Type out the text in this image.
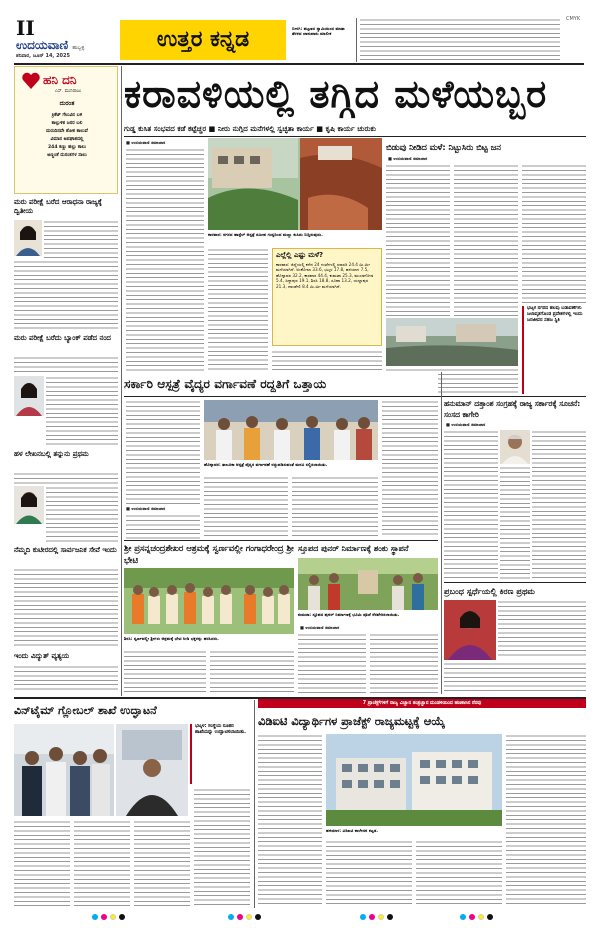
II
ಉದಯವಾಣಿ ಹುಬ್ಬಳ್ಳಿ
ಶನಿವಾರ, ಜೂನ್ 14, 2025
ಉತ್ತರ ಕನ್ನಡ	ಬೀಳಗಿ: ಪಟ್ಟಣದ ಸ್ವಾಮಿಯಿಂದ ಮಾತಾ ತೆರಳಿದ ಜಾನುವಾರು ಮಾಲೀಕ
CMYK
ಹನಿ ದನಿ
ಎಸ್. ಮುನಿರಾಜು
ದುರಂತ
ಕ್ರಿಕೆಟ್ ಗೆಲುವಿನ ಬಳಿ
ಕಾಲ್ತುಳಿತ ಜನರ ಬಲಿ
ಮರುದಿನವೇ ಶೋಕ ಕಾಲುವೆ
ವಿಮಾನ ಅಪಘಾತದಲ್ಲಿ
244 ಕಣ್ಣು ಹಲ್ಲು ಕಾಲು
ಅಣ್ಣಂತೆ ದುರಂತಗಳ ಸಾಲು
ಮರು ಪರೀಕ್ಷೆ ಬರೆದ ಆರಾಧನಾ ರಾಜ್ಯಕ್ಕೆ ದ್ವಿತೀಯ
ಮರು ಪರೀಕ್ಷೆ ಬರೆದು ಬ್ಯಾಂಕ್ ಪಡೆದ ನಂದ
ಹಳ ಲೇಖನಬಲ್ಲಿ ತನ್ನುನು ಪ್ರಥಮ
ನೆಮ್ಮದಿ ಕುಟೀರದಲ್ಲಿ ಸಾರ್ವಜನಿಕ ಸೇವೆ ಇಂದು
ಇಂದು ವಿದ್ಯುತ್ ವ್ಯತ್ಯಯ
ಕರಾವಳಿಯಲ್ಲಿ ತಗ್ಗಿದ ಮಳೆಯಬ್ಬರ
ಗುಡ್ಡ ಕುಸಿತ ಸಂಭವದ ಕಡೆ ಕಟ್ಟೆಚ್ಚರ ■ ನೀರು ನುಗ್ಗಿದ ಮನೆಗಳಲ್ಲಿ ಸ್ವಚ್ಛತಾ ಕಾರ್ಯ ■ ಕೃಷಿ ಕಾರ್ಯ ಚುರುಕು
■ ಉದಯವಾಣಿ ಸಮಾಚಾರ
ಕಾರವಾರ: ನಗರದ ಹಾಸ್ಟೆಲ್ ಆಸ್ಪತ್ರೆ ಸಮೀಪ ಗುಡ್ಡದಿಂದ ಮಣ್ಣು ಕುಸಿದು ಬಿದ್ದಿರುವುದು.
ಎಲ್ಲೆಲ್ಲಿ ಎಷ್ಟು ಮಳೆ?
ಕಾರವಾರ: ಜಿಲ್ಲೆಯಲ್ಲಿ ಕಳೆದ 24 ಗಂಟೆಗಳಲ್ಲಿ ಸರಾಸರಿ 24.4 ಮಿ.ಮೀ ಮಳೆಯಾಗಿದೆ. ಅಂಕೋಲಾ 33.6, ಭಟ್ಕಳ 17.8, ಹಳಿಯಾಳ 7.5, ಹೊನ್ನಾವರ 32.2, ಕಾರವಾರ 44.4, ಕುಮಟಾ 25.3, ಮುಂಡಗೋಡ 5.4, ಸಿದ್ದಾಪುರ 19.1, ಶಿರಸಿ 18.8, ಸೂಪಾ 13.2, ಯಲ್ಲಾಪುರ 21.3, ದಾಂಡೇಲಿ 8.4 ಮಿ.ಮೀ ಮಳೆಯಾಗಿದೆ.
ಬಿಡುವು ನೀಡಿದ ಮಳೆ: ನಿಟ್ಟುಸಿರು ಬಿಟ್ಟ ಜನ
■ ಉದಯವಾಣಿ ಸಮಾಚಾರ
ಭಟ್ಕಳ ನಗರದ ಹಲವು ಬಡಾವಣೆಗಳು ಜಲಾವೃತಗೊಂಡ ಪ್ರದೇಶಗಳಲ್ಲಿ ಇಂದು ಜನಜೀವನ ಸಹಜ ಸ್ಥಿತಿ
ಸರ್ಕಾರಿ ಆಸ್ಪತ್ರೆ ವೈದ್ಯರ ವರ್ಗಾವಣೆ ರದ್ದತಿಗೆ ಒತ್ತಾಯ
ಹೊನ್ನಾವರ: ತಾಲೂಕಾ ಆಸ್ಪತ್ರೆ ವೈದ್ಯರ ವರ್ಗಾವಣೆ ರದ್ದುಪಡಿಸುವಂತೆ ಮನವಿ ಸಲ್ಲಿಸಲಾಯಿತು.
■ ಉದಯವಾಣಿ ಸಮಾಚಾರ
ಹನುಮಾನ್ ದತ್ತಾಂಶ ಸಂಗ್ರಹಕ್ಕೆ ರಾಜ್ಯ ಸರ್ಕಾರಕ್ಕೆ ಸೂಚನೆ: ಸಂಸದ ಕಾಗೇರಿ
■ ಉದಯವಾಣಿ ಸಮಾಚಾರ
ಪ್ರಬಂಧ ಸ್ಪರ್ಧೆಯಲ್ಲಿ ಕಿರಣ ಪ್ರಥಮ
ಶ್ರೀ ಪ್ರಸನ್ನಚಂದ್ರಶೇಖರ ಆಶ್ರಮಕ್ಕೆ ಸ್ವರ್ಣವಲ್ಲೀ ಗಂಗಾಧರೇಂದ್ರ ಶ್ರೀ ಭೇಟಿ
ಶಿರಸಿ: ಸ್ವರ್ಣವಲ್ಲೀ ಶ್ರೀಗಳು ಆಶ್ರಮಕ್ಕೆ ಭೇಟಿ ನೀಡಿ ಭಕ್ತರನ್ನು ಹರಸಿದರು.
ಸ್ತೂಪದ ಪುನರ್ ನಿರ್ಮಾಣಕ್ಕೆ ಶಂಕು ಸ್ಥಾಪನೆ
ಕುಮಟಾ: ಸ್ತೂಪದ ಪುನರ್ ನಿರ್ಮಾಣಕ್ಕೆ ಭೂಮಿ ಪೂಜೆ ನೆರವೇರಿಸಲಾಯಿತು.
■ ಉದಯವಾಣಿ ಸಮಾಚಾರ
ವಿನ್‌ಟೈಮ್ ಗ್ಲೋಬಲ್ ಶಾಖೆ ಉದ್ಘಾಟನೆ
ಭಟ್ಕಳ: ಸಂಸ್ಥೆಯ ನೂತನ ಶಾಖೆಯನ್ನು ಉದ್ಘಾಟಿಸಲಾಯಿತು.
7 ಪ್ರಾಜೆಕ್ಟ್‌ಗಳಿಗೆ ರಾಜ್ಯ ವಿಜ್ಞಾನ ತಂತ್ರಜ್ಞಾನ ಮಂಡಳಿಯಿಂದ ಹಣಕಾಸಿನ ನೆರವು
ವಿಡಿಐಟಿ ವಿದ್ಯಾರ್ಥಿಗಳ ಪ್ರಾಜೆಕ್ಟ್ ರಾಜ್ಯಮಟ್ಟಕ್ಕೆ ಆಯ್ಕೆ
ಹಳಿಯಾಳ: ವಿಡಿಐಟಿ ಕಾಲೇಜಿನ ಕಟ್ಟಡ.
